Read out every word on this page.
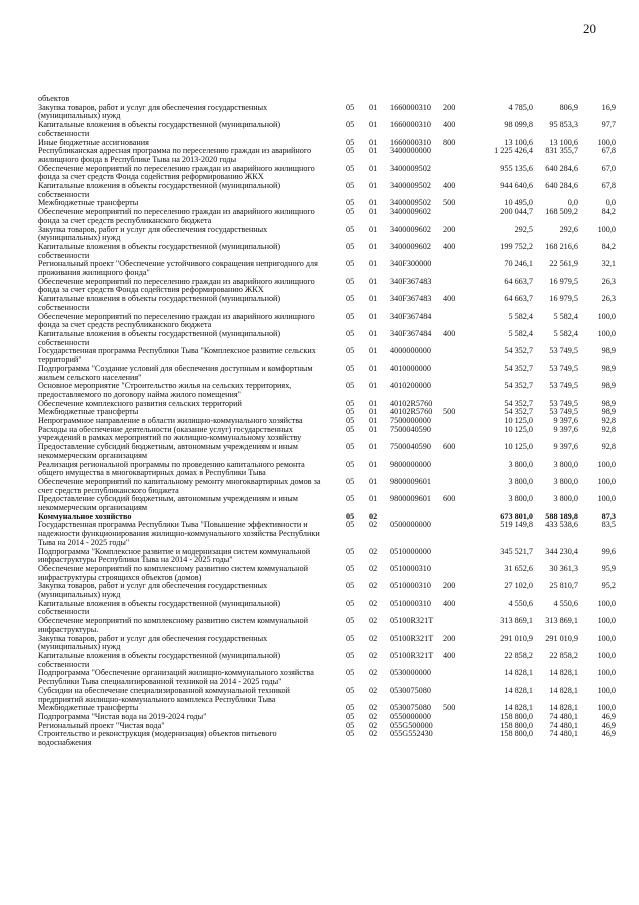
20
объектов
Закупка товаров, работ и услуг для обеспечения государственных (муниципальных) нужд
05 01 1660000310 200	4 785,0	806,9	16,9
Капитальные вложения в объекты государственной (муниципальной) собственности
05 01 1660000310 400	98 099,8 95 853,3	97,7
Иные бюджетные ассигнования	05 01 1660000310 800	13 100,6 13 100,6 100,0
Республиканская адресная программа по переселению граждан из аварийного жилищного фонда в Республике Тыва на 2013-2020 годы
05 01 3400000000	1 225 426,4 831 355,7	67,8
Обеспечение мероприятий по переселению граждан из аварийного жилищного фонда за счет средств Фонда содействия реформированию ЖКХ
05 01 3400009502	955 135,6 640 284,6	67,0
Капитальные вложения в объекты государственной (муниципальной) собственности
05 01 3400009502 400	944 640,6 640 284,6	67,8
Межбюджетные трансферты	05 01 3400009502 500	10 495,0	0,0	0,0
Обеспечение мероприятий по переселению граждан из аварийного жилищного фонда за счет средств республиканского бюджета
05 01 3400009602	200 044,7 168 509,2	84,2
Закупка товаров, работ и услуг для обеспечения государственных (муниципальных) нужд
05 01 3400009602 200	292,5	292,6 100,0
Капитальные вложения в объекты государственной (муниципальной) собственности
05 01 3400009602 400	199 752,2 168 216,6	84,2
Региональный проект "Обеспечение устойчивого сокращения непригодного для проживания жилищного фонда"
05 01 340F300000	70 246,1 22 561,9	32,1
Обеспечение мероприятий по переселению граждан из аварийного жилищного фонда за счет средств Фонда содействия реформированию ЖКХ
05 01 340F367483	64 663,7 16 979,5	26,3
Капитальные вложения в объекты государственной (муниципальной) собственности
05 01 340F367483 400	64 663,7 16 979,5	26,3
Обеспечение мероприятий по переселению граждан из аварийного жилищного фонда за счет средств республиканского бюджета
05 01 340F367484	5 582,4 5 582,4 100,0
Капитальные вложения в объекты государственной (муниципальной) собственности
05 01 340F367484 400	5 582,4 5 582,4 100,0
Государственная программа Республики Тыва "Комплексное развитие сельских территорий"
05 01 4000000000	54 352,7 53 749,5	98,9
Подпрограмма "Создание условий для обеспечения доступным и комфортным жильем сельского населения"
05 01 4010000000	54 352,7 53 749,5	98,9
Основное мероприятие "Строительство жилья на сельских территориях, предоставляемого по договору найма жилого помещения"
05 01 4010200000	54 352,7 53 749,5	98,9
Обеспечение комплексного развития сельских территорий	05 01 40102R5760	54 352,7 53 749,5	98,9
Межбюджетные трансферты	05 01 40102R5760 500	54 352,7 53 749,5	98,9
Непрограммное направление в области жилищно-коммунального хозяйства	05 01 7500000000	10 125,0 9 397,6	92,8
Расходы на обеспечение деятельности (оказание услуг) государственных учреждений в рамках мероприятий по жилищно-коммунальному хозяйству
05 01 7500040590	10 125,0 9 397,6	92,8
Предоставление субсидий бюджетным, автономным учреждениям и иным некоммерческим организациям
05 01 7500040590 600	10 125,0 9 397,6	92,8
Реализация региональной программы по проведению капитального ремонта общего имущества в многоквартирных домах в Республики Тыва
05 01 9800000000	3 800,0 3 800,0 100,0
Обеспечение мероприятий по капитальному ремонту многоквартирных домов за счет средств республиканского бюджета
05 01 9800009601	3 800,0 3 800,0 100,0
Предоставление субсидий бюджетным, автономным учреждениям и иным некоммерческим организациям
05 01 9800009601 600	3 800,0 3 800,0 100,0
Коммунальное хозяйство	05 02	673 801,0 588 189,8	87,3
Государственная программа Республики Тыва "Повышение эффективности и надежности функционирования жилищно-коммунального хозяйства Республики Тыва на 2014 - 2025 годы"
05 02 0500000000	519 149,8 433 538,6	83,5
Подпрограмма "Комплексное развитие и модернизация систем коммунальной инфраструктуры Республики Тыва на 2014 - 2025 годы"
05 02 0510000000	345 521,7 344 230,4	99,6
Обеспечение мероприятий по комплексному развитию систем коммунальной инфраструктуры строящихся объектов (домов)
05 02 0510000310	31 652,6 30 361,3	95,9
Закупка товаров, работ и услуг для обеспечения государственных (муниципальных) нужд
05 02 0510000310 200	27 102,0 25 810,7	95,2
Капитальные вложения в объекты государственной (муниципальной) собственности
05 02 0510000310 400	4 550,6 4 550,6 100,0
Обеспечение мероприятий по комплексному развитию систем коммунальной инфраструктуры.
05 02 05100R321T	313 869,1 313 869,1 100,0
Закупка товаров, работ и услуг для обеспечения государственных (муниципальных) нужд
05 02 05100R321T 200	291 010,9 291 010,9 100,0
Капитальные вложения в объекты государственной (муниципальной) собственности
05 02 05100R321T 400	22 858,2 22 858,2 100,0
Подпрограмма "Обеспечение организаций жилищно-коммунального хозяйства Республики Тыва специализированной техникой на 2014 - 2025 годы"
05 02 0530000000	14 828,1 14 828,1 100,0
Субсидии на обеспечение специализированной коммунальной техникой предприятий жилищно-коммунального комплекса Республики Тыва
05 02 0530075080	14 828,1 14 828,1 100,0
Межбюджетные трансферты	05 02 0530075080 500	14 828,1 14 828,1 100,0
Подпрограмма "Чистая вода на 2019-2024 годы"	05 02 0550000000	158 800,0 74 480,1	46,9
Региональный проект "Чистая вода"	05 02 055G500000	158 800,0 74 480,1	46,9
Строительство и реконструкция (модернизация) объектов питьевого водоснабжения
05 02 055G552430	158 800,0 74 480,1	46,9
